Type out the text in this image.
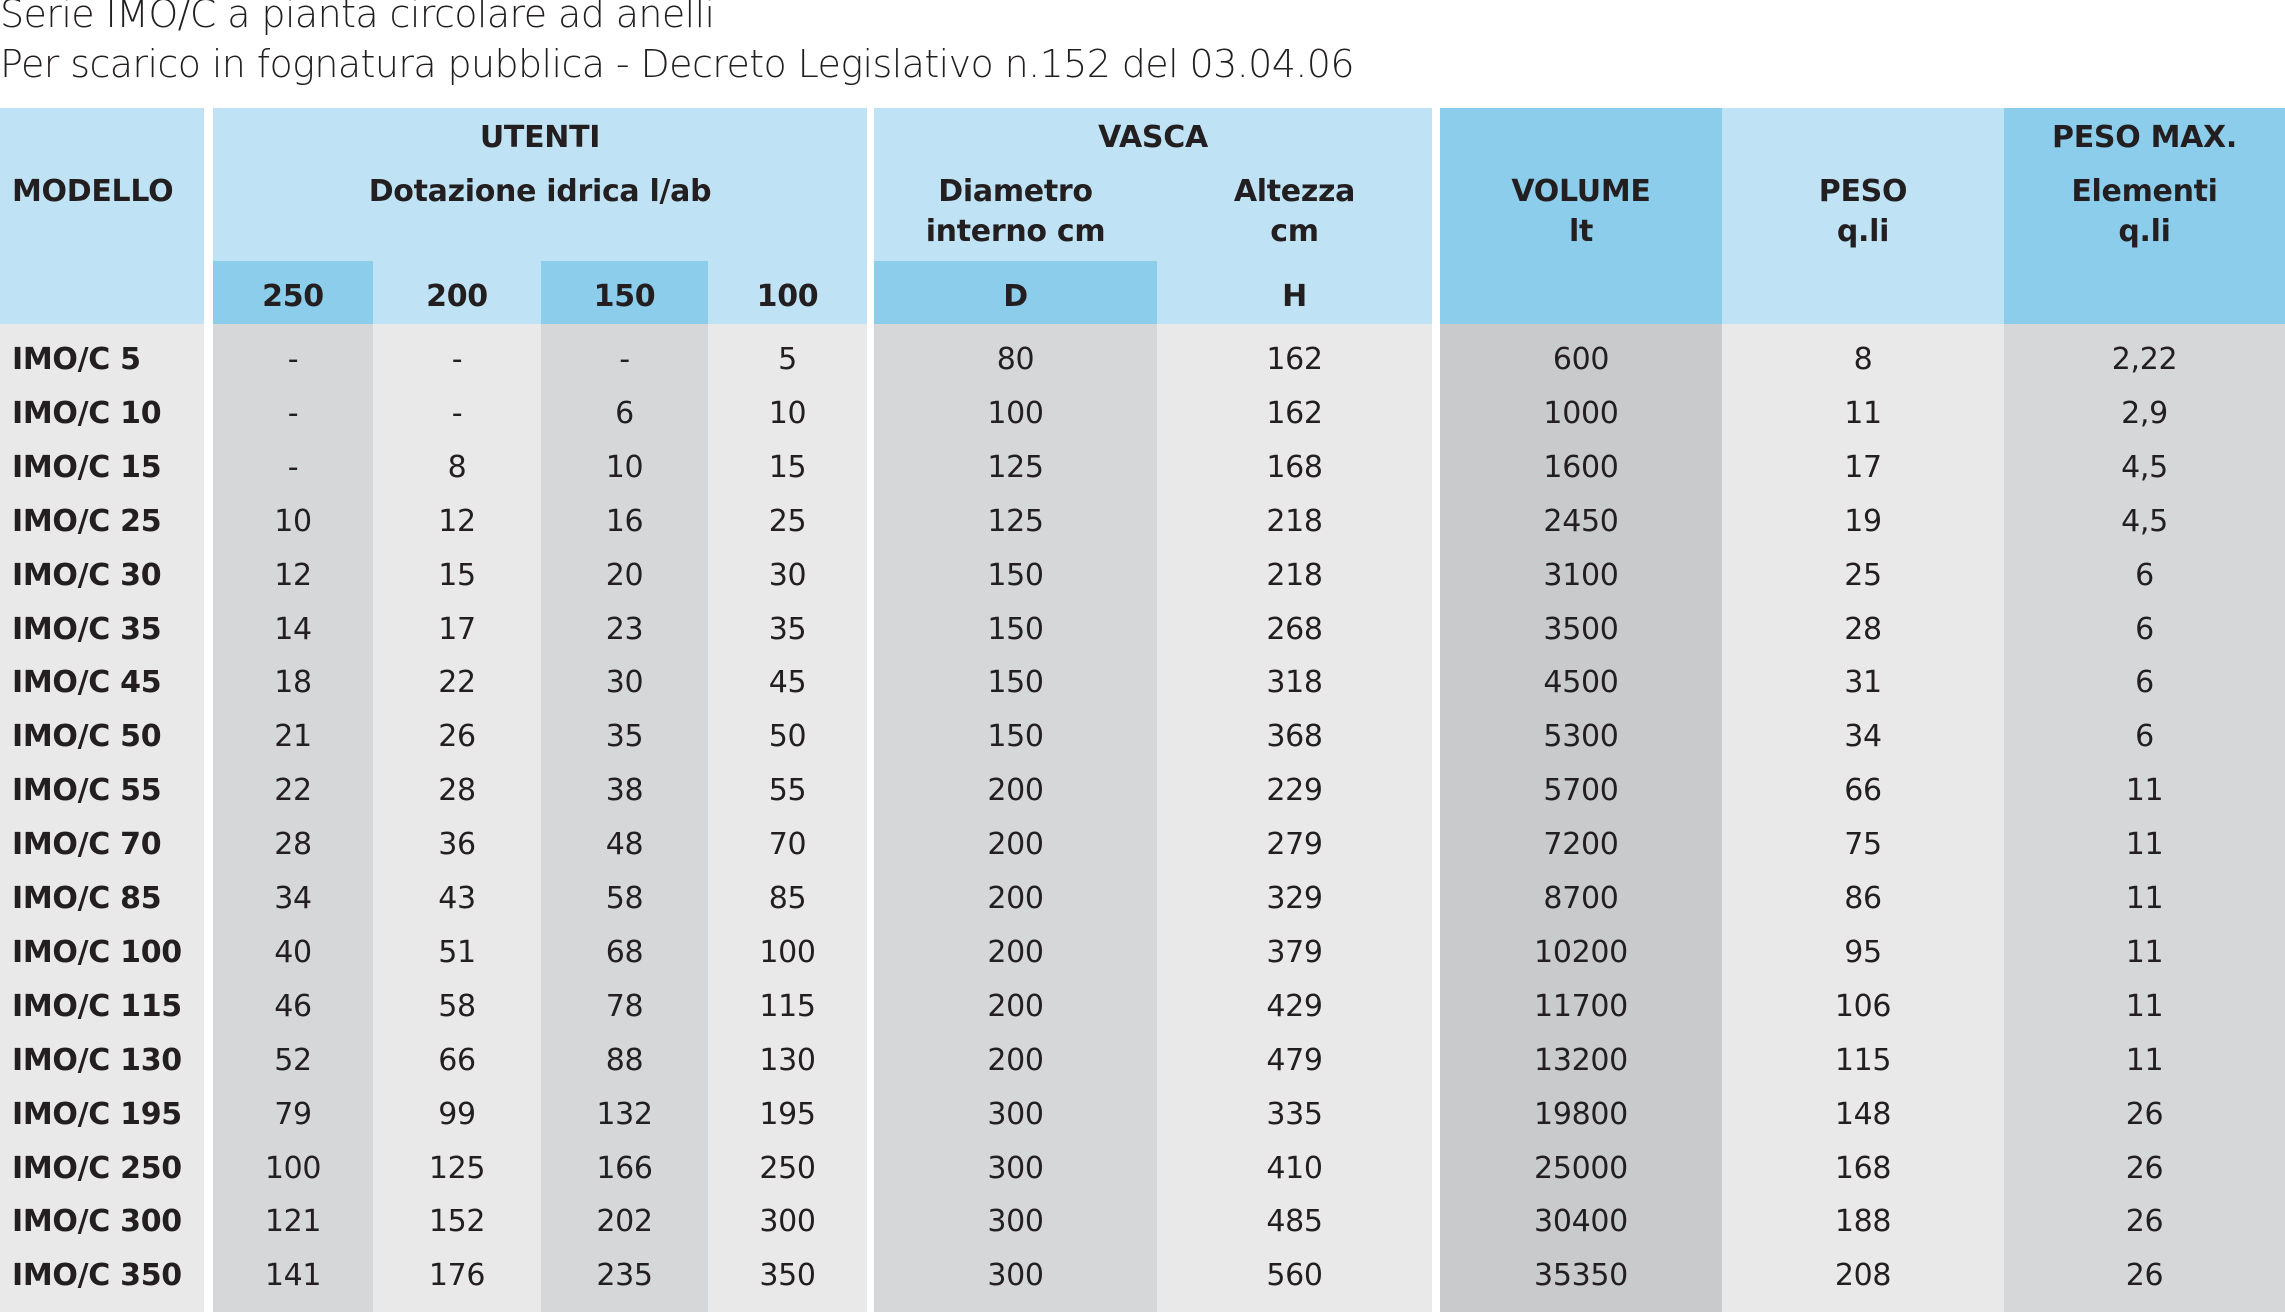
Serie IMO/C a pianta circolare ad anelli
Per scarico in fognatura pubblica - Decreto Legislativo n.152 del 03.04.06
MODELLO
UTENTI
Dotazione idrica l/ab
250	200	150	100
VASCA
Diametro
interno cm
D
Altezza
cm
H
VOLUME
lt
PESO
q.li
PESO MAX.
Elementi
q.li
IMO/C 5	-	-	-	5	80	162	600	8	2,22
IMO/C 10	-	-	6	10	100	162	1000	11	2,9
IMO/C 15	-	8	10	15	125	168	1600	17	4,5
IMO/C 25	10	12	16	25	125	218	2450	19	4,5
IMO/C 30	12	15	20	30	150	218	3100	25	6
IMO/C 35	14	17	23	35	150	268	3500	28	6
IMO/C 45	18	22	30	45	150	318	4500	31	6
IMO/C 50	21	26	35	50	150	368	5300	34	6
IMO/C 55	22	28	38	55	200	229	5700	66	11
IMO/C 70	28	36	48	70	200	279	7200	75	11
IMO/C 85	34	43	58	85	200	329	8700	86	11
IMO/C 100	40	51	68	100	200	379	10200	95	11
IMO/C 115	46	58	78	115	200	429	11700	106	11
IMO/C 130	52	66	88	130	200	479	13200	115	11
IMO/C 195	79	99	132	195	300	335	19800	148	26
IMO/C 250	100	125	166	250	300	410	25000	168	26
IMO/C 300	121	152	202	300	300	485	30400	188	26
IMO/C 350	141	176	235	350	300	560	35350	208	26
